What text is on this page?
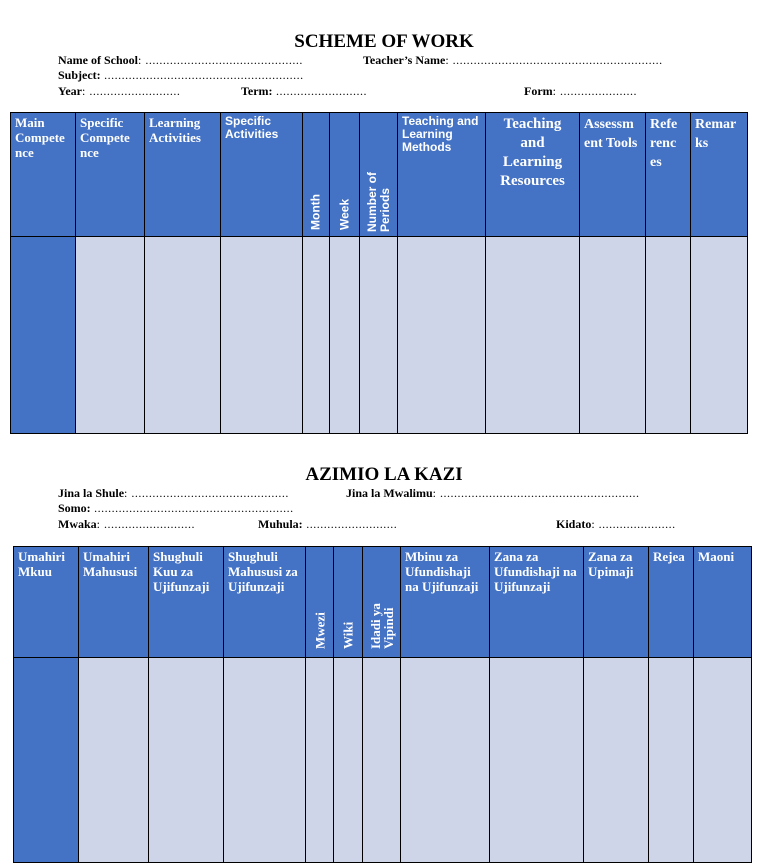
SCHEME OF WORK
Name of School: .............................................	Teacher’s Name: ............................................................
Subject: .........................................................
Year: ..........................	Term: ..........................	Form: ......................
Main Compete nce	Specific Compete nce	Learning Activities	Specific Activities	Month	Week	Number of Periods	Teaching and Learning Methods	Teaching and Learning Resources	Assessm ent Tools	Refe renc es	Remar ks

AZIMIO LA KAZI
Jina la Shule: .............................................	Jina la Mwalimu: .........................................................
Somo: .........................................................
Mwaka: ..........................	Muhula: ..........................	Kidato: ......................
Umahiri Mkuu	Umahiri Mahususi	Shughuli Kuu za Ujifunzaji	Shughuli Mahususi za Ujifunzaji	Mwezi	Wiki	Idadi ya Vipindi	Mbinu za Ufundishaji na Ujifunzaji	Zana za Ufundishaji na Ujifunzaji	Zana za Upimaji	Rejea	Maoni
